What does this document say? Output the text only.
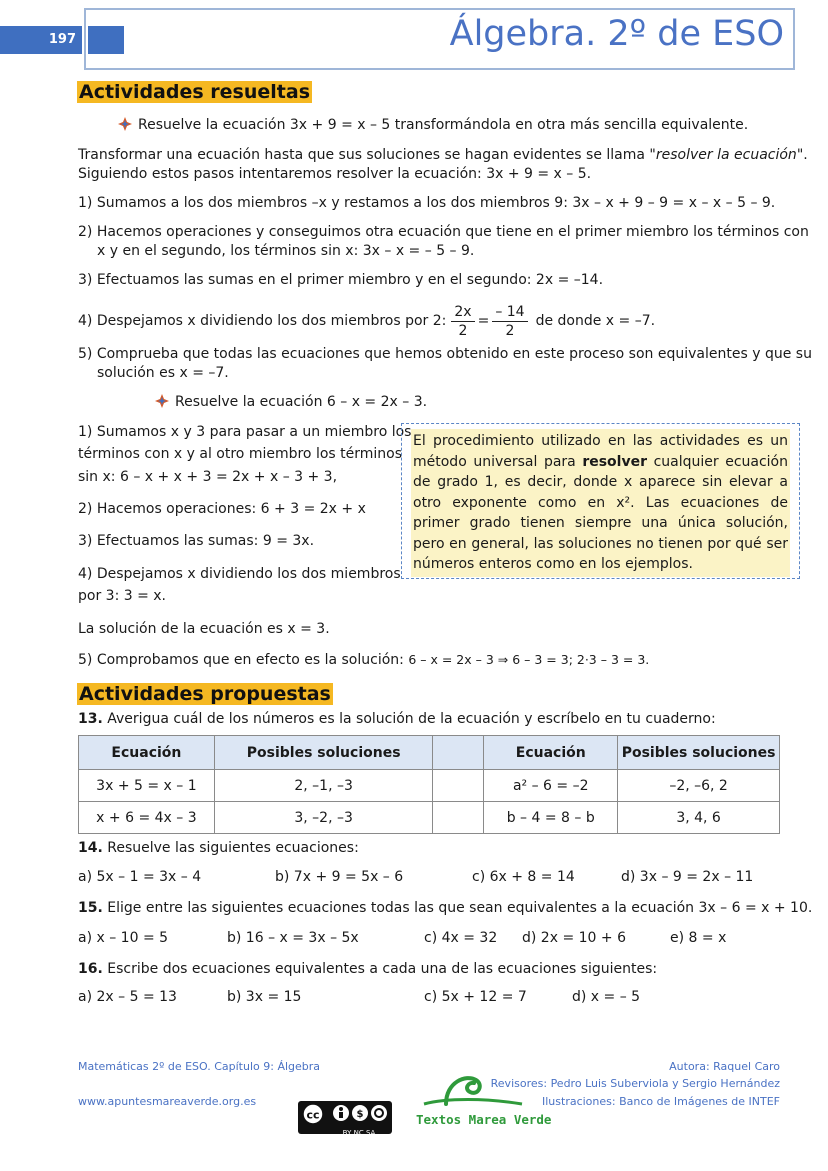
197	Álgebra. 2º de ESO
Actividades resueltas
Resuelve la ecuación 3x + 9 = x – 5 transformándola en otra más sencilla equivalente.
Transformar una ecuación hasta que sus soluciones se hagan evidentes se llama "resolver la ecuación".
Siguiendo estos pasos intentaremos resolver la ecuación: 3x + 9 = x – 5.
1) Sumamos a los dos miembros –x y restamos a los dos miembros 9: 3x – x + 9 – 9 = x – x – 5 – 9.
2) Hacemos operaciones y conseguimos otra ecuación que tiene en el primer miembro los términos con
x y en el segundo, los términos sin x: 3x – x = – 5 – 9.
3) Efectuamos las sumas en el primer miembro y en el segundo: 2x = –14.
4) Despejamos x dividiendo los dos miembros por 2: $\frac{2x}{2} = \frac{- 14}{2}$ de donde x = –7.
5) Comprueba que todas las ecuaciones que hemos obtenido en este proceso son equivalentes y que su
solución es x = –7.
Resuelve la ecuación 6 – x = 2x – 3.
1) Sumamos x y 3 para pasar a un miembro los
términos con x y al otro miembro los términos
sin x: 6 – x + x + 3 = 2x + x – 3 + 3,
2) Hacemos operaciones: 6 + 3 = 2x + x
3) Efectuamos las sumas: 9 = 3x.
4) Despejamos x dividiendo los dos miembros
por 3: 3 = x.
La solución de la ecuación es x = 3.
5) Comprobamos que en efecto es la solución: 6 – x = 2x – 3 ⇒ 6 – 3 = 3; 2·3 – 3 = 3.
El procedimiento utilizado en las actividades es un método universal para resolver cualquier ecuación de grado 1, es decir, donde x aparece sin elevar a otro exponente como en x². Las ecuaciones de primer grado tienen siempre una única solución, pero en general, las soluciones no tienen por qué ser números enteros como en los ejemplos.
Actividades propuestas
13. Averigua cuál de los números es la solución de la ecuación y escríbelo en tu cuaderno:
Ecuación	Posibles soluciones		Ecuación	Posibles soluciones
3x + 5 = x – 1	2, –1, –3		a² – 6 = –2	–2, –6, 2
x + 6 = 4x – 3	3, –2, –3		b – 4 = 8 – b	3, 4, 6
14. Resuelve las siguientes ecuaciones:
a) 5x – 1 = 3x – 4	b) 7x + 9 = 5x – 6	c) 6x + 8 = 14	d) 3x – 9 = 2x – 11
15. Elige entre las siguientes ecuaciones todas las que sean equivalentes a la ecuación 3x – 6 = x + 10.
a) x – 10 = 5	b) 16 – x = 3x – 5x	c) 4x = 32 d) 2x = 10 + 6	e) 8 = x
16. Escribe dos ecuaciones equivalentes a cada una de las ecuaciones siguientes:
a) 2x – 5 = 13	b) 3x = 15	c) 5x + 12 = 7	d) x = – 5
Matemáticas 2º de ESO. Capítulo 9: Álgebra
www.apuntesmareaverde.org.es
Autora: Raquel Caro
Revisores: Pedro Luis Suberviola y Sergio Hernández
Ilustraciones: Banco de Imágenes de INTEF
cc	$
BY NC SA
Textos Marea Verde
